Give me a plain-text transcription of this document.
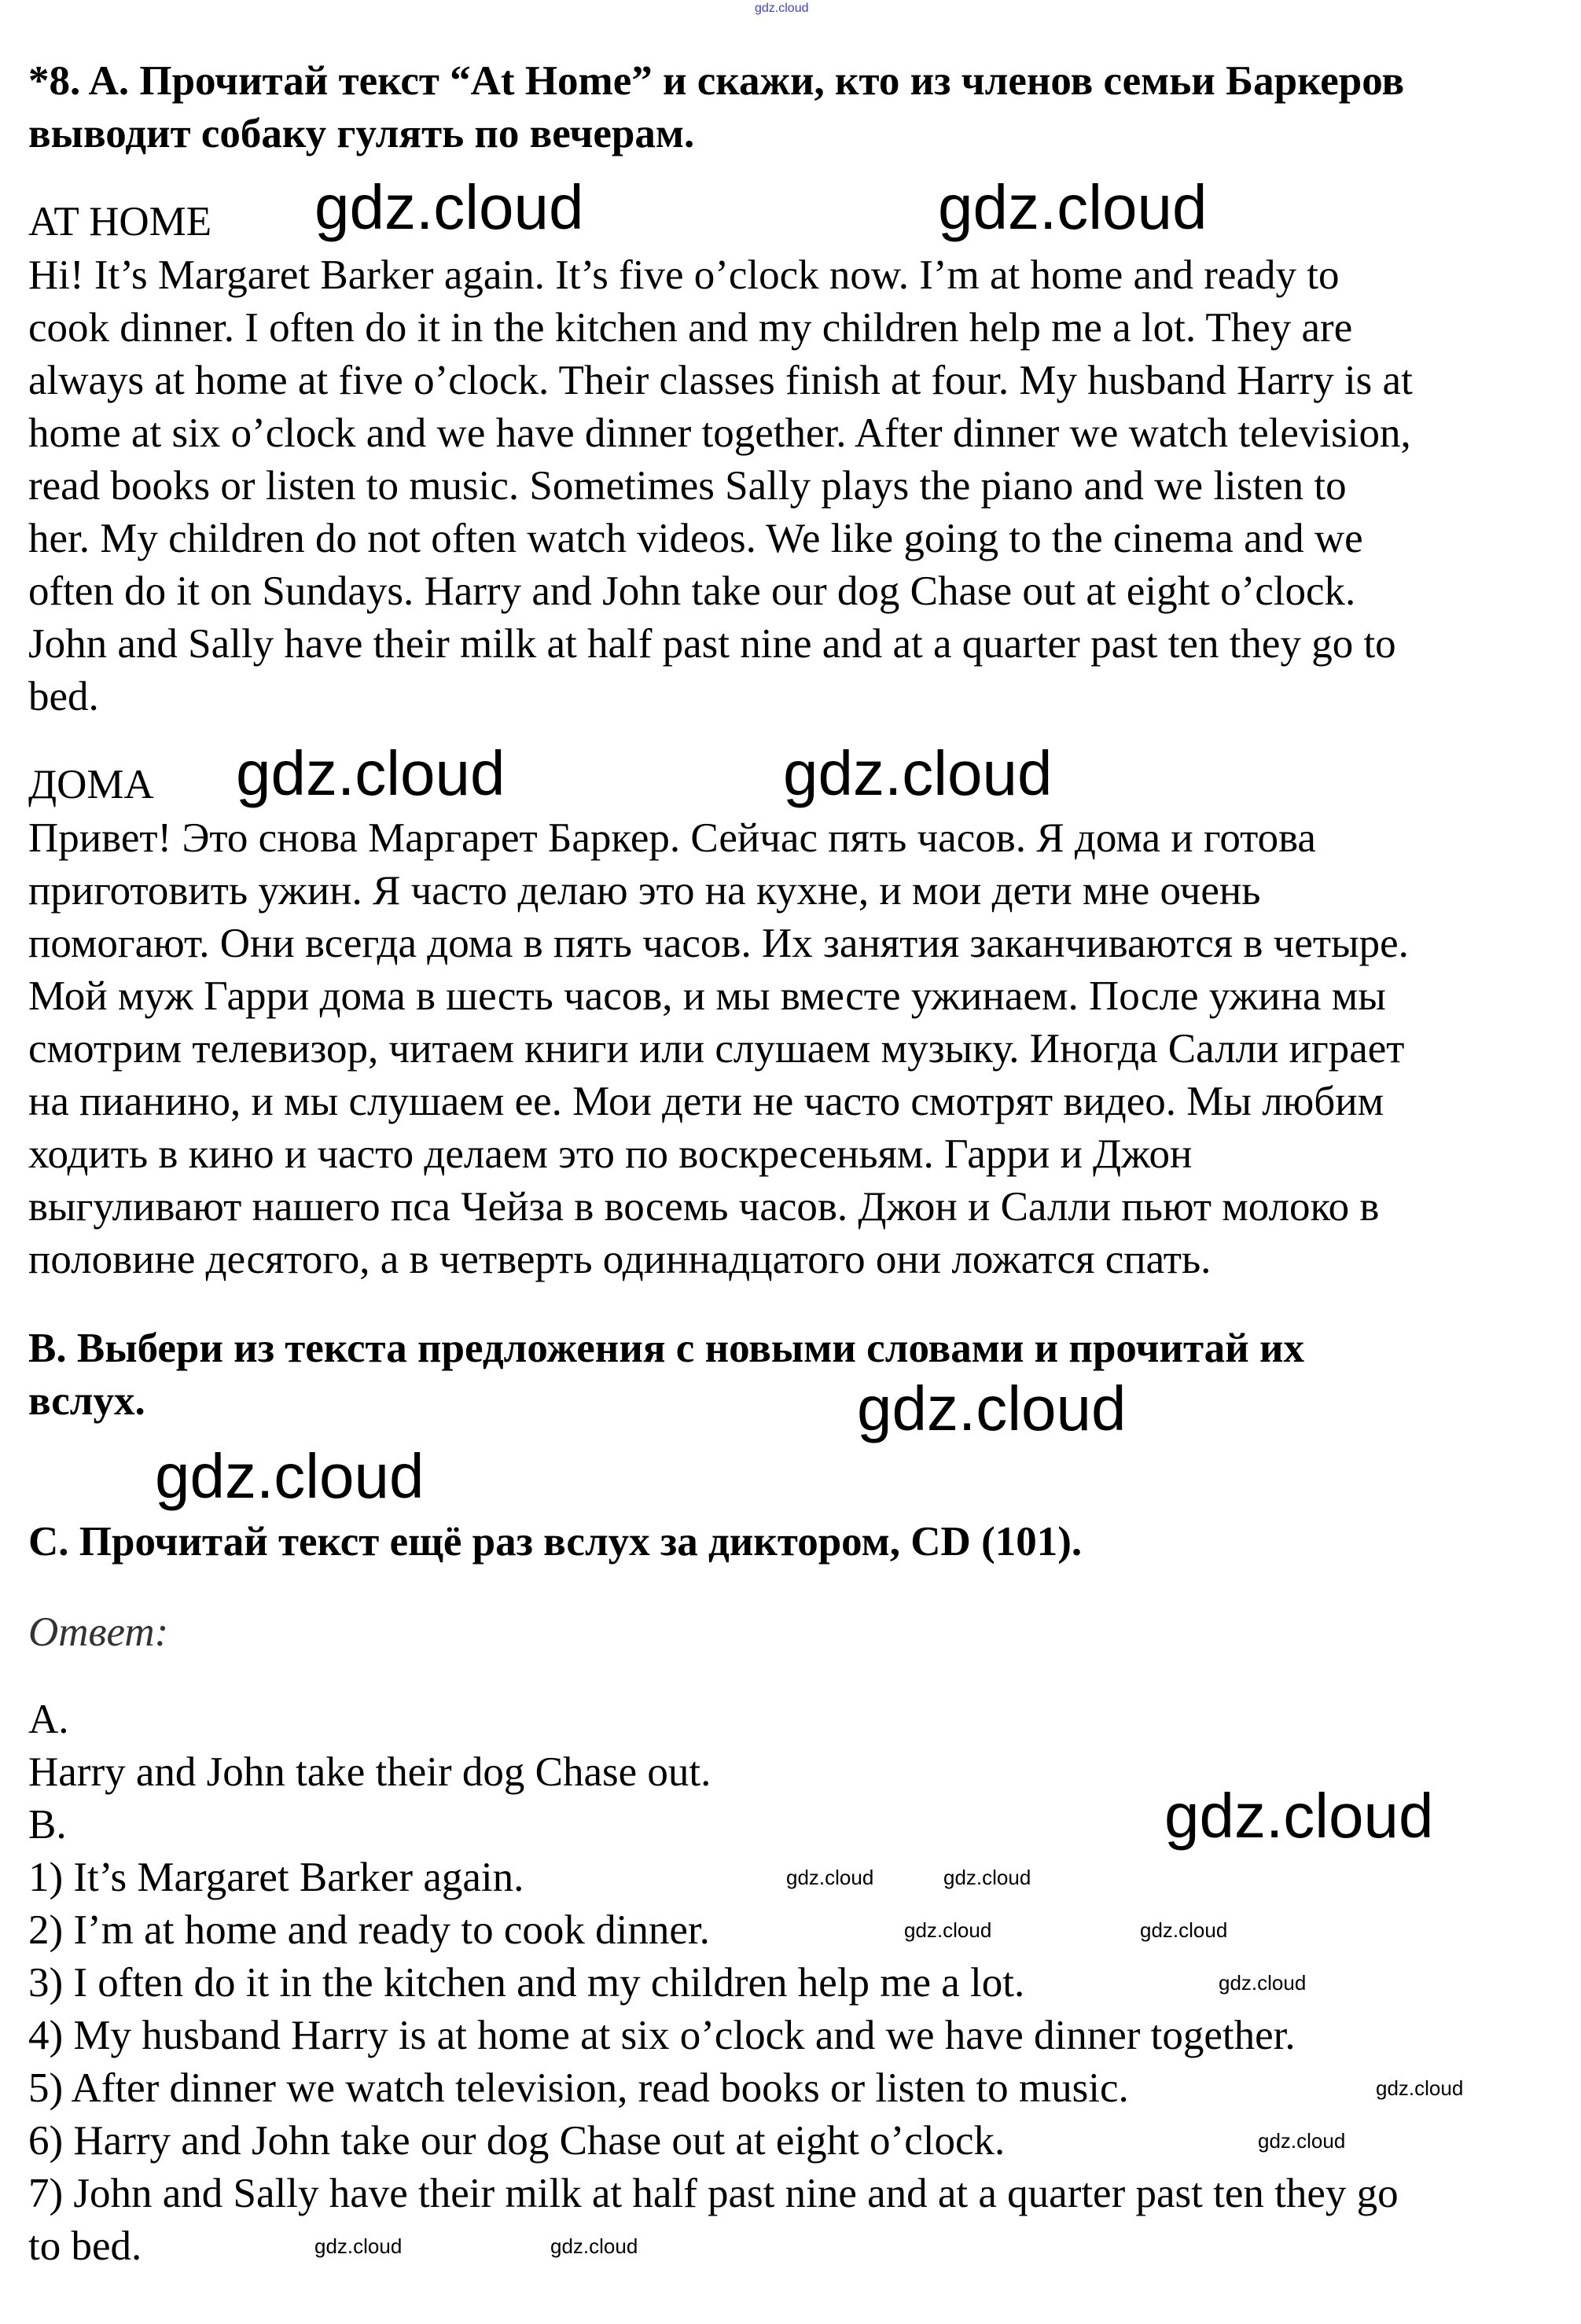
gdz.cloud
*8. A. Прочитай текст “At Home” и скажи, кто из членов семьи Баркеров
выводит собаку гулять по вечерам.
AT HOME
Hi! It’s Margaret Barker again. It’s five o’clock now. I’m at home and ready to
cook dinner. I often do it in the kitchen and my children help me a lot. They are
always at home at five o’clock. Their classes finish at four. My husband Harry is at
home at six o’clock and we have dinner together. After dinner we watch television,
read books or listen to music. Sometimes Sally plays the piano and we listen to
her. My children do not often watch videos. We like going to the cinema and we
often do it on Sundays. Harry and John take our dog Chase out at eight o’clock.
John and Sally have their milk at half past nine and at a quarter past ten they go to
bed.
ДОМА
Привет! Это снова Маргарет Баркер. Сейчас пять часов. Я дома и готова
приготовить ужин. Я часто делаю это на кухне, и мои дети мне очень
помогают. Они всегда дома в пять часов. Их занятия заканчиваются в четыре.
Мой муж Гарри дома в шесть часов, и мы вместе ужинаем. После ужина мы
смотрим телевизор, читаем книги или слушаем музыку. Иногда Салли играет
на пианино, и мы слушаем ее. Мои дети не часто смотрят видео. Мы любим
ходить в кино и часто делаем это по воскресеньям. Гарри и Джон
выгуливают нашего пса Чейза в восемь часов. Джон и Салли пьют молоко в
половине десятого, а в четверть одиннадцатого они ложатся спать.
B. Выбери из текста предложения с новыми словами и прочитай их
вслух.
C. Прочитай текст ещё раз вслух за диктором, CD (101).
Ответ:
A.
Harry and John take their dog Chase out.
B.
1) It’s Margaret Barker again.
2) I’m at home and ready to cook dinner.
3) I often do it in the kitchen and my children help me a lot.
4) My husband Harry is at home at six o’clock and we have dinner together.
5) After dinner we watch television, read books or listen to music.
6) Harry and John take our dog Chase out at eight o’clock.
7) John and Sally have their milk at half past nine and at a quarter past ten they go
to bed.
gdz.cloud	gdz.cloud
gdz.cloud	gdz.cloud
gdz.cloud
gdz.cloud
gdz.cloud
gdz.cloud	gdz.cloud
gdz.cloud	gdz.cloud
gdz.cloud
gdz.cloud
gdz.cloud
gdz.cloud	gdz.cloud
